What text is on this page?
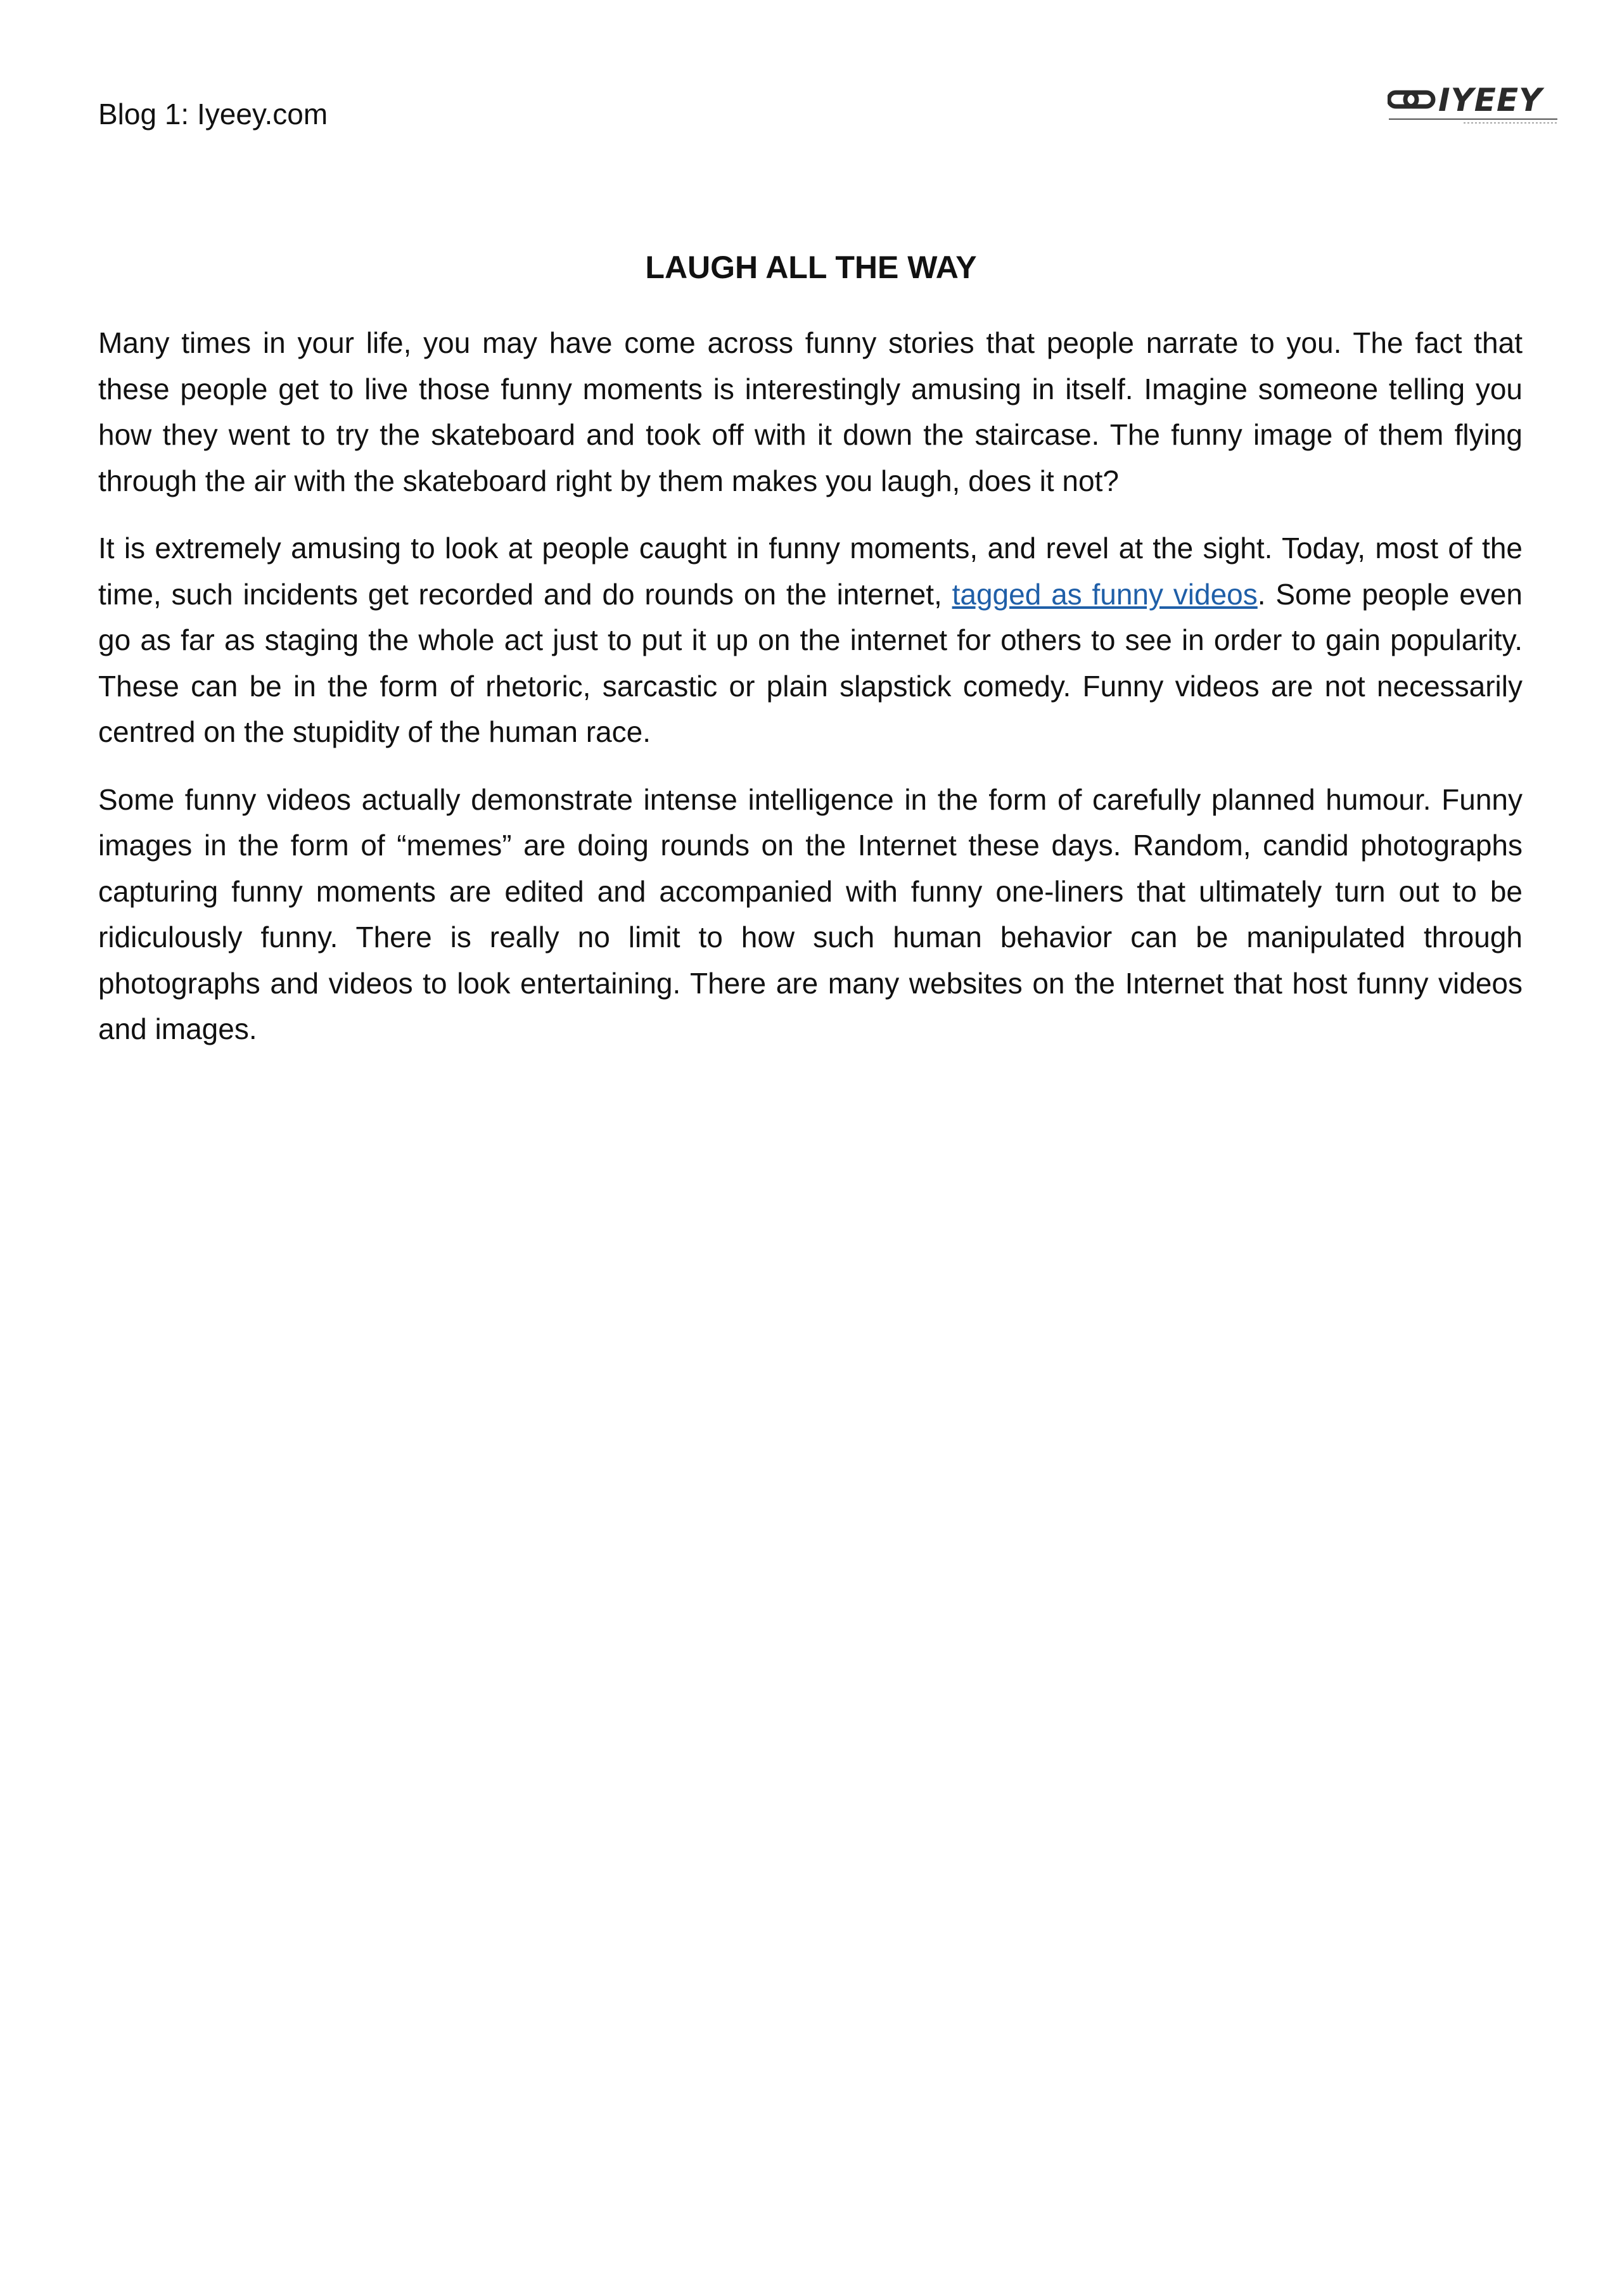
Blog 1: Iyeey.com	IYEEY
LAUGH ALL THE WAY

Many times in your life, you may have come across funny stories that people narrate to you. The fact that these people get to live those funny moments is interestingly amusing in itself. Imagine someone telling you how they went to try the skateboard and took off with it down the staircase. The funny image of them flying through the air with the skateboard right by them makes you laugh, does it not?

It is extremely amusing to look at people caught in funny moments, and revel at the sight. Today, most of the time, such incidents get recorded and do rounds on the internet, tagged as funny videos. Some people even go as far as staging the whole act just to put it up on the internet for others to see in order to gain popularity. These can be in the form of rhetoric, sarcastic or plain slapstick comedy. Funny videos are not necessarily centred on the stupidity of the human race.

Some funny videos actually demonstrate intense intelligence in the form of carefully planned humour. Funny images in the form of “memes” are doing rounds on the Internet these days. Random, candid photographs capturing funny moments are edited and accompanied with funny one-liners that ultimately turn out to be ridiculously funny. There is really no limit to how such human behavior can be manipulated through photographs and videos to look entertaining. There are many websites on the Internet that host funny videos and images.
